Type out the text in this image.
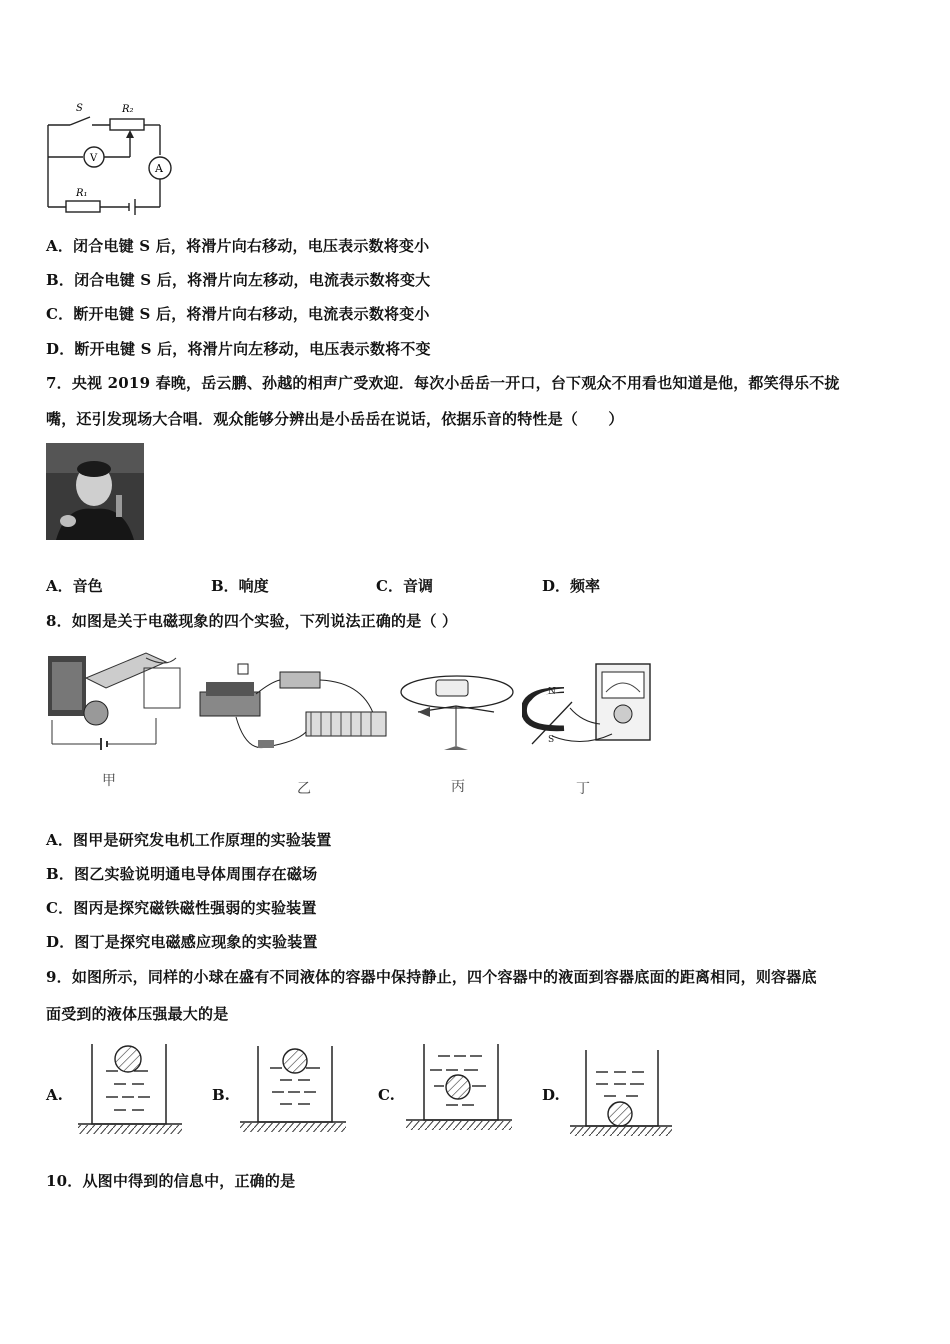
S	R₂
R₁
V
A
A．闭合电键 S 后，将滑片向右移动，电压表示数将变小
B．闭合电键 S 后，将滑片向左移动，电流表示数将变大
C．断开电键 S 后，将滑片向右移动，电流表示数将变小
D．断开电键 S 后，将滑片向左移动，电压表示数将不变
7．央视 2019 春晚，岳云鹏、孙越的相声广受欢迎．每次小岳岳一开口，台下观众不用看也知道是他，都笑得乐不拢
嘴，还引发现场大合唱．观众能够分辨出是小岳岳在说话，依据乐音的特性是（　　）
A．音色	B．响度	C．音调	D．频率
8．如图是关于电磁现象的四个实验，下列说法正确的是（ ）
甲	乙	丙
N
S
丁
A．图甲是研究发电机工作原理的实验装置
B．图乙实验说明通电导体周围存在磁场
C．图丙是探究磁铁磁性强弱的实验装置
D．图丁是探究电磁感应现象的实验装置
9．如图所示，同样的小球在盛有不同液体的容器中保持静止，四个容器中的液面到容器底面的距离相同，则容器底
面受到的液体压强最大的是
A.	B.	C.	D.
10．从图中得到的信息中，正确的是
